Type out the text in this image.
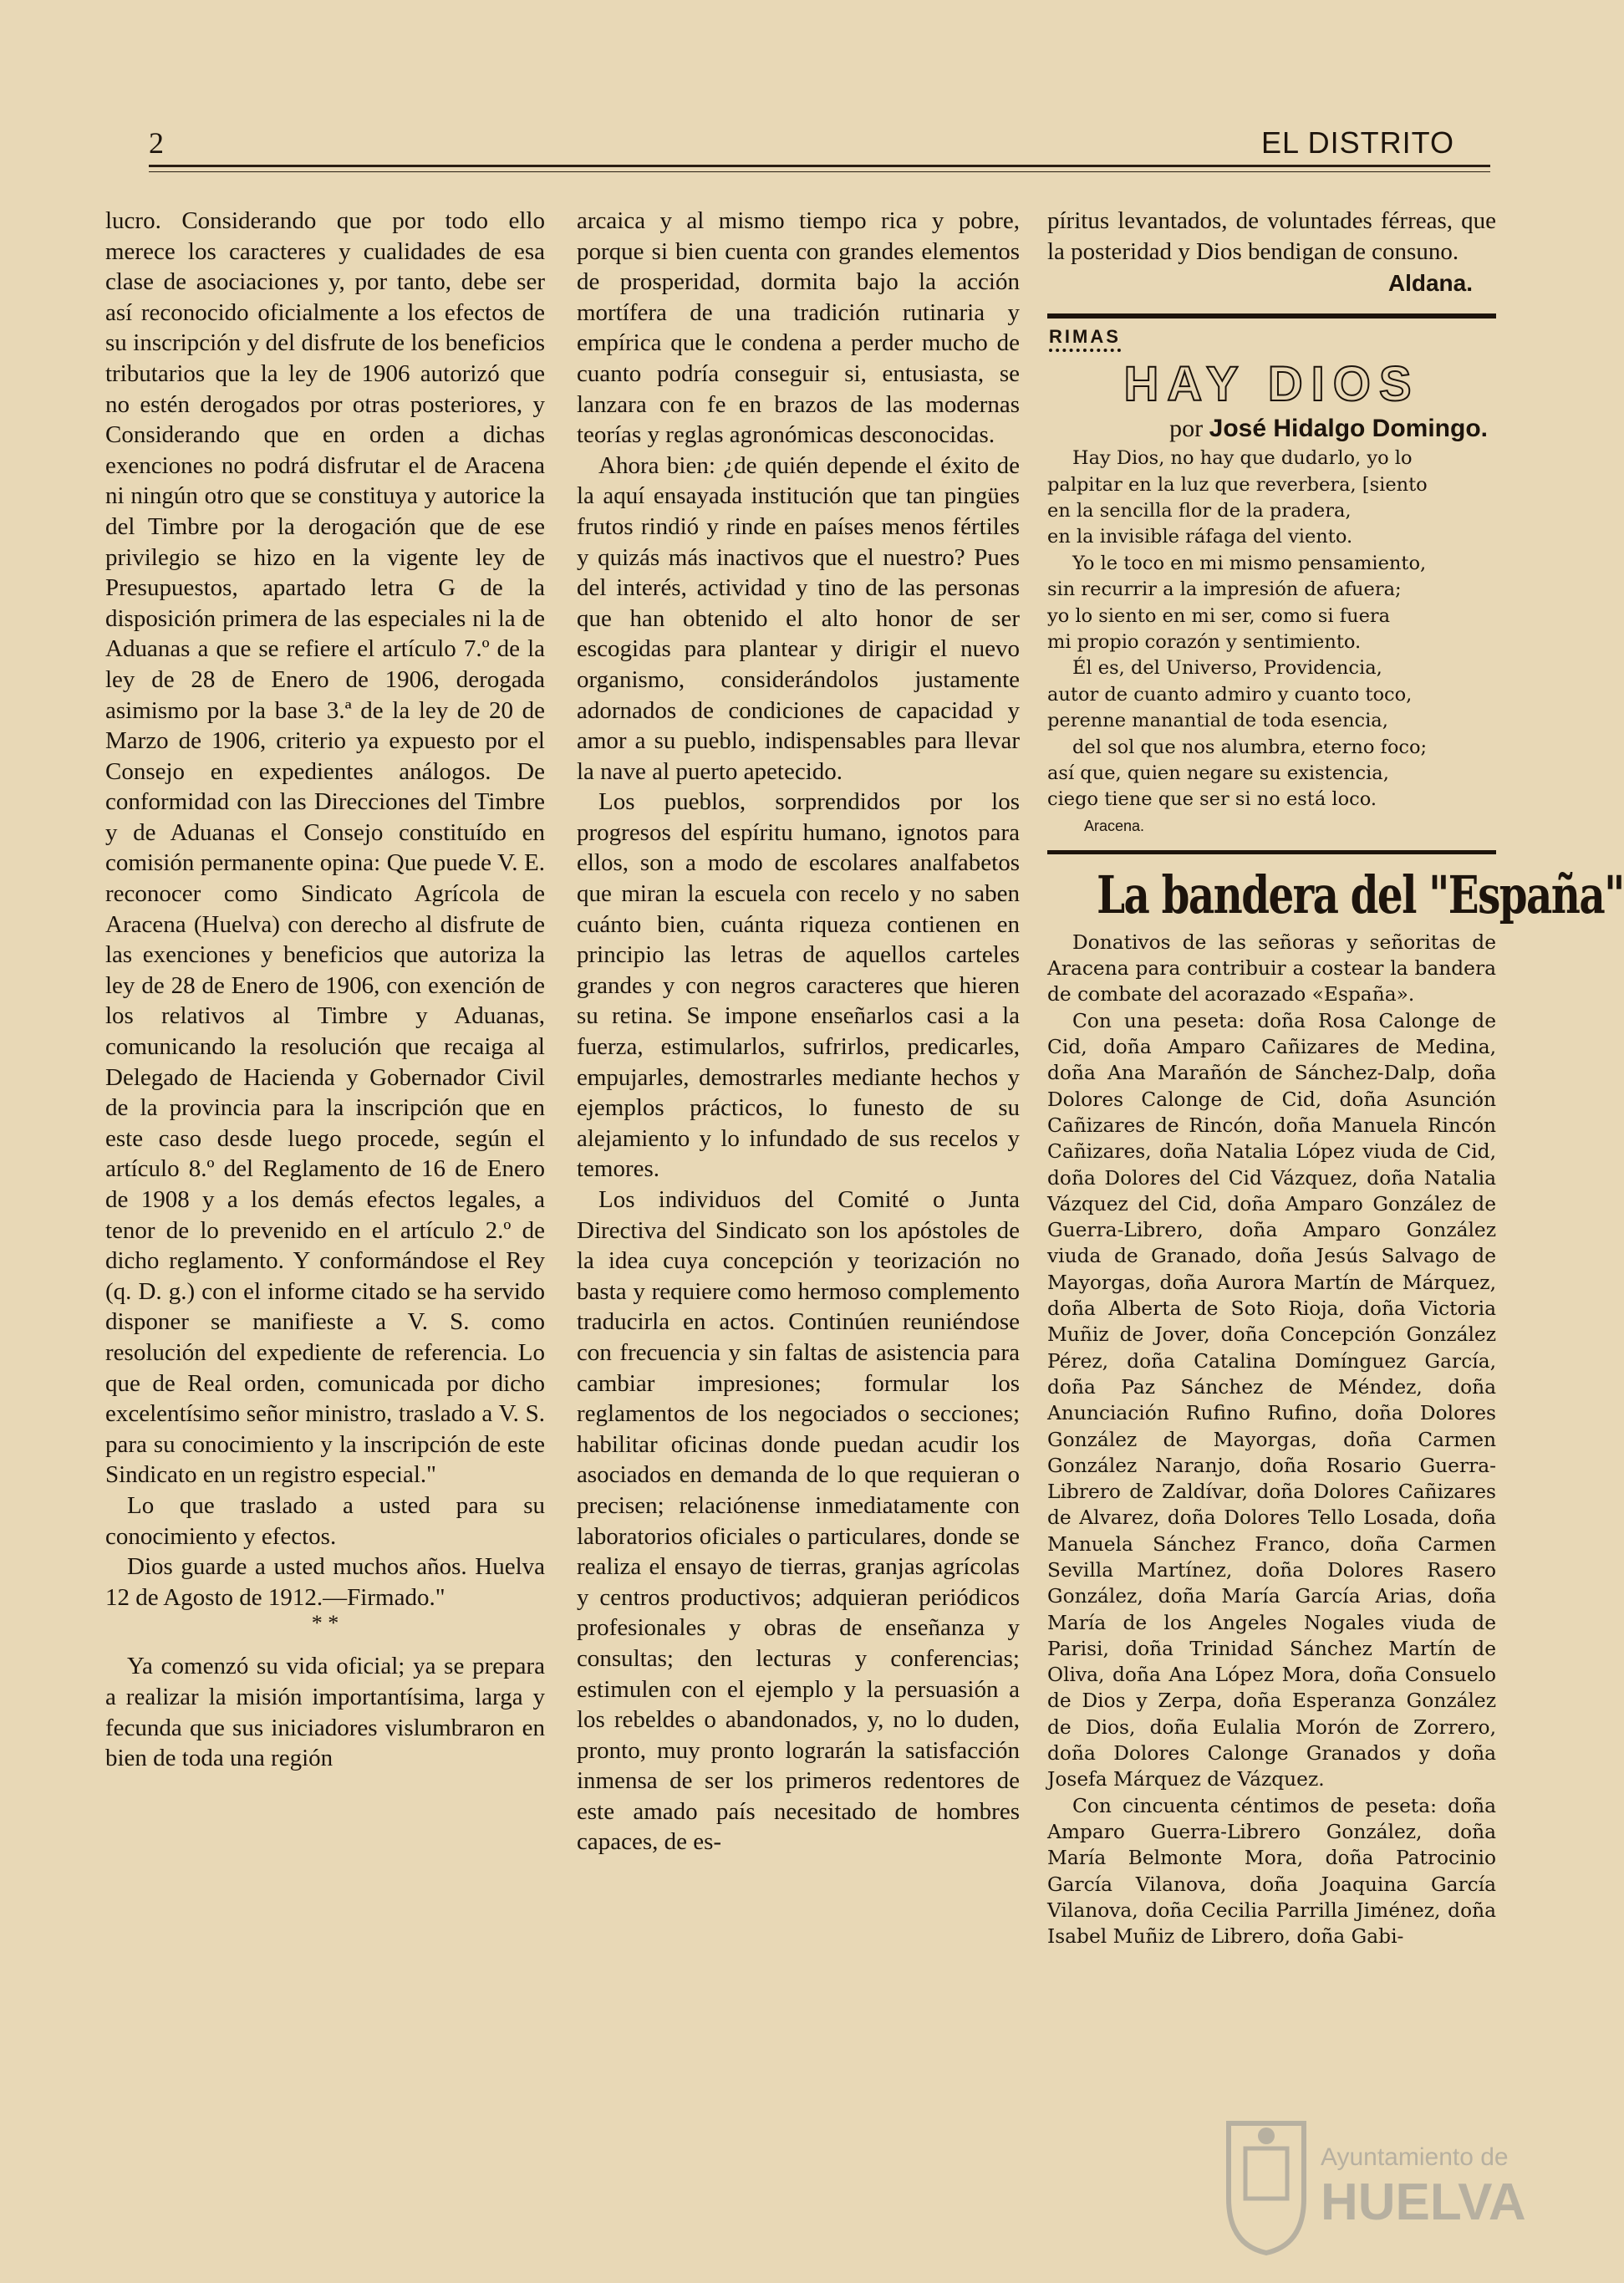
2	EL DISTRITO

lucro. Considerando que por todo ello merece los caracteres y cualidades de esa clase de asociaciones y, por tanto, debe ser así reconocido oficialmente a los efectos de su inscripción y del disfrute de los beneficios tributarios que la ley de 1906 autorizó que no estén derogados por otras posteriores, y Considerando que en orden a dichas exenciones no podrá disfrutar el de Aracena ni ningún otro que se constituya y autorice la del Timbre por la derogación que de ese privilegio se hizo en la vigente ley de Presupuestos, apartado letra G de la disposición primera de las especiales ni la de Aduanas a que se refiere el artículo 7.º de la ley de 28 de Enero de 1906, derogada asimismo por la base 3.ª de la ley de 20 de Marzo de 1906, criterio ya expuesto por el Consejo en expedientes análogos. De conformidad con las Direcciones del Timbre y de Aduanas el Consejo constituído en comisión permanente opina: Que puede V. E. reconocer como Sindicato Agrícola de Aracena (Huelva) con derecho al disfrute de las exenciones y beneficios que autoriza la ley de 28 de Enero de 1906, con exención de los relativos al Timbre y Aduanas, comunicando la resolución que recaiga al Delegado de Hacienda y Gobernador Civil de la provincia para la inscripción que en este caso desde luego procede, según el artículo 8.º del Reglamento de 16 de Enero de 1908 y a los demás efectos legales, a tenor de lo prevenido en el artículo 2.º de dicho reglamento. Y conformándose el Rey (q. D. g.) con el informe citado se ha servido disponer se manifieste a V. S. como resolución del expediente de referencia. Lo que de Real orden, comunicada por dicho excelentísimo señor ministro, traslado a V. S. para su conocimiento y la inscripción de este Sindicato en un registro especial."

Lo que traslado a usted para su conocimiento y efectos.

Dios guarde a usted muchos años. Huelva 12 de Agosto de 1912.—Firmado."

* *

Ya comenzó su vida oficial; ya se prepara a realizar la misión importantísima, larga y fecunda que sus iniciadores vislumbraron en bien de toda una región

arcaica y al mismo tiempo rica y pobre, porque si bien cuenta con grandes elementos de prosperidad, dormita bajo la acción mortífera de una tradición rutinaria y empírica que le condena a perder mucho de cuanto podría conseguir si, entusiasta, se lanzara con fe en brazos de las modernas teorías y reglas agronómicas desconocidas.

Ahora bien: ¿de quién depende el éxito de la aquí ensayada institución que tan pingües frutos rindió y rinde en países menos fértiles y quizás más inactivos que el nuestro? Pues del interés, actividad y tino de las personas que han obtenido el alto honor de ser escogidas para plantear y dirigir el nuevo organismo, considerándolos justamente adornados de condiciones de capacidad y amor a su pueblo, indispensables para llevar la nave al puerto apetecido.

Los pueblos, sorprendidos por los progresos del espíritu humano, ignotos para ellos, son a modo de escolares analfabetos que miran la escuela con recelo y no saben cuánto bien, cuánta riqueza contienen en principio las letras de aquellos carteles grandes y con negros caracteres que hieren su retina. Se impone enseñarlos casi a la fuerza, estimularlos, sufrirlos, predicarles, empujarles, demostrarles mediante hechos y ejemplos prácticos, lo funesto de su alejamiento y lo infundado de sus recelos y temores.

Los individuos del Comité o Junta Directiva del Sindicato son los apóstoles de la idea cuya concepción y teorización no basta y requiere como hermoso complemento traducirla en actos. Continúen reuniéndose con frecuencia y sin faltas de asistencia para cambiar impresiones; formular los reglamentos de los negociados o secciones; habilitar oficinas donde puedan acudir los asociados en demanda de lo que requieran o precisen; relaciónense inmediatamente con laboratorios oficiales o particulares, donde se realiza el ensayo de tierras, granjas agrícolas y centros productivos; adquieran periódicos profesionales y obras de enseñanza y consultas; den lecturas y conferencias; estimulen con el ejemplo y la persuasión a los rebeldes o abandonados, y, no lo duden, pronto, muy pronto lograrán la satisfacción inmensa de ser los primeros redentores de este amado país necesitado de hombres capaces, de es-

píritus levantados, de voluntades férreas, que la posteridad y Dios bendigan de consuno.

Aldana.
RIMAS
HAY DIOS
por José Hidalgo Domingo.

Hay Dios, no hay que dudarlo, yo lo

palpitar en la luz que reverbera, [siento

en la sencilla flor de la pradera,

en la invisible ráfaga del viento.

Yo le toco en mi mismo pensamiento,

sin recurrir a la impresión de afuera;

yo lo siento en mi ser, como si fuera

mi propio corazón y sentimiento.

Él es, del Universo, Providencia,

autor de cuanto admiro y cuanto toco,

perenne manantial de toda esencia,

del sol que nos alumbra, eterno foco;

así que, quien negare su existencia,

ciego tiene que ser si no está loco.

Aracena.
La bandera del "España"

Donativos de las señoras y señoritas de Aracena para contribuir a costear la bandera de combate del acorazado «España».

Con una peseta: doña Rosa Calonge de Cid, doña Amparo Cañizares de Medina, doña Ana Marañón de Sánchez-Dalp, doña Dolores Calonge de Cid, doña Asunción Cañizares de Rincón, doña Manuela Rincón Cañizares, doña Natalia López viuda de Cid, doña Dolores del Cid Vázquez, doña Natalia Vázquez del Cid, doña Amparo González de Guerra-Librero, doña Amparo González viuda de Granado, doña Jesús Salvago de Mayorgas, doña Aurora Martín de Márquez, doña Alberta de Soto Rioja, doña Victoria Muñiz de Jover, doña Concepción González Pérez, doña Catalina Domínguez García, doña Paz Sánchez de Méndez, doña Anunciación Rufino Rufino, doña Dolores González de Mayorgas, doña Carmen González Naranjo, doña Rosario Guerra-Librero de Zaldívar, doña Dolores Cañizares de Alvarez, doña Dolores Tello Losada, doña Manuela Sánchez Franco, doña Carmen Sevilla Martínez, doña Dolores Rasero González, doña María García Arias, doña María de los Angeles Nogales viuda de Parisi, doña Trinidad Sánchez Martín de Oliva, doña Ana López Mora, doña Consuelo de Dios y Zerpa, doña Esperanza González de Dios, doña Eulalia Morón de Zorrero, doña Dolores Calonge Granados y doña Josefa Márquez de Vázquez.

Con cincuenta céntimos de peseta: doña Amparo Guerra-Librero González, doña María Belmonte Mora, doña Patrocinio García Vilanova, doña Joaquina García Vilanova, doña Cecilia Parrilla Jiménez, doña Isabel Muñiz de Librero, doña Gabi-

Ayuntamiento de
HUELVA
